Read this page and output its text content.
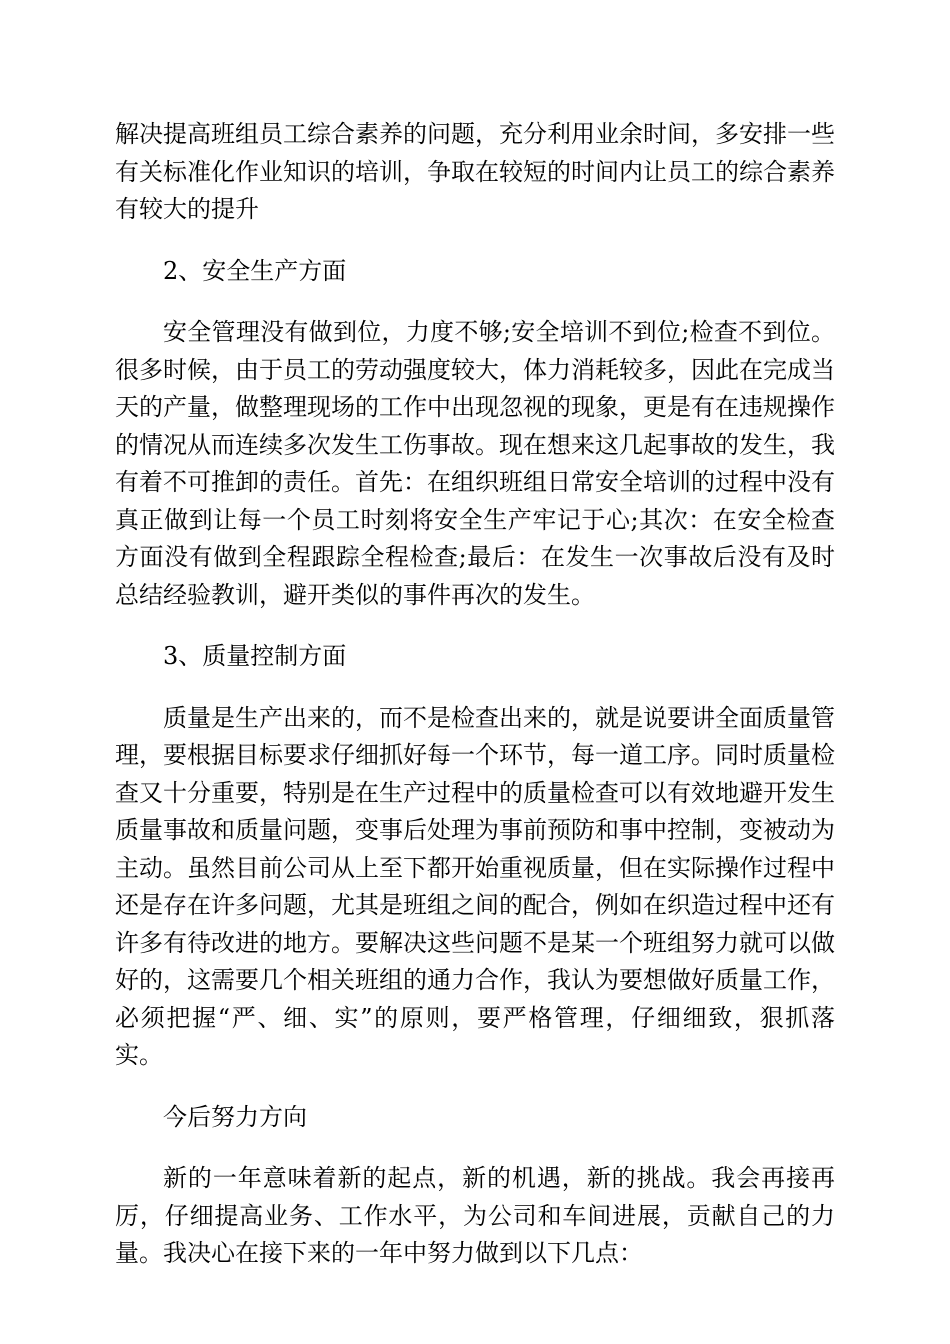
解决提高班组员工综合素养的问题，充分利用业余时间，多安排一些有关标准化作业知识的培训，争取在较短的时间内让员工的综合素养有较大的提升

2、安全生产方面

安全管理没有做到位，力度不够;安全培训不到位;检查不到位。很多时候，由于员工的劳动强度较大，体力消耗较多，因此在完成当天的产量，做整理现场的工作中出现忽视的现象，更是有在违规操作的情况从而连续多次发生工伤事故。现在想来这几起事故的发生，我有着不可推卸的责任。首先：在组织班组日常安全培训的过程中没有真正做到让每一个员工时刻将安全生产牢记于心;其次：在安全检查方面没有做到全程跟踪全程检查;最后：在发生一次事故后没有及时总结经验教训，避开类似的事件再次的发生。

3、质量控制方面

质量是生产出来的，而不是检查出来的，就是说要讲全面质量管理，要根据目标要求仔细抓好每一个环节，每一道工序。同时质量检查又十分重要，特别是在生产过程中的质量检查可以有效地避开发生质量事故和质量问题，变事后处理为事前预防和事中控制，变被动为主动。虽然目前公司从上至下都开始重视质量，但在实际操作过程中还是存在许多问题，尤其是班组之间的配合，例如在织造过程中还有许多有待改进的地方。要解决这些问题不是某一个班组努力就可以做好的，这需要几个相关班组的通力合作，我认为要想做好质量工作，必须把握“严、细、实”的原则，要严格管理，仔细细致，狠抓落实。

今后努力方向

新的一年意味着新的起点，新的机遇，新的挑战。我会再接再厉，仔细提高业务、工作水平，为公司和车间进展，贡献自己的力量。我决心在接下来的一年中努力做到以下几点：
